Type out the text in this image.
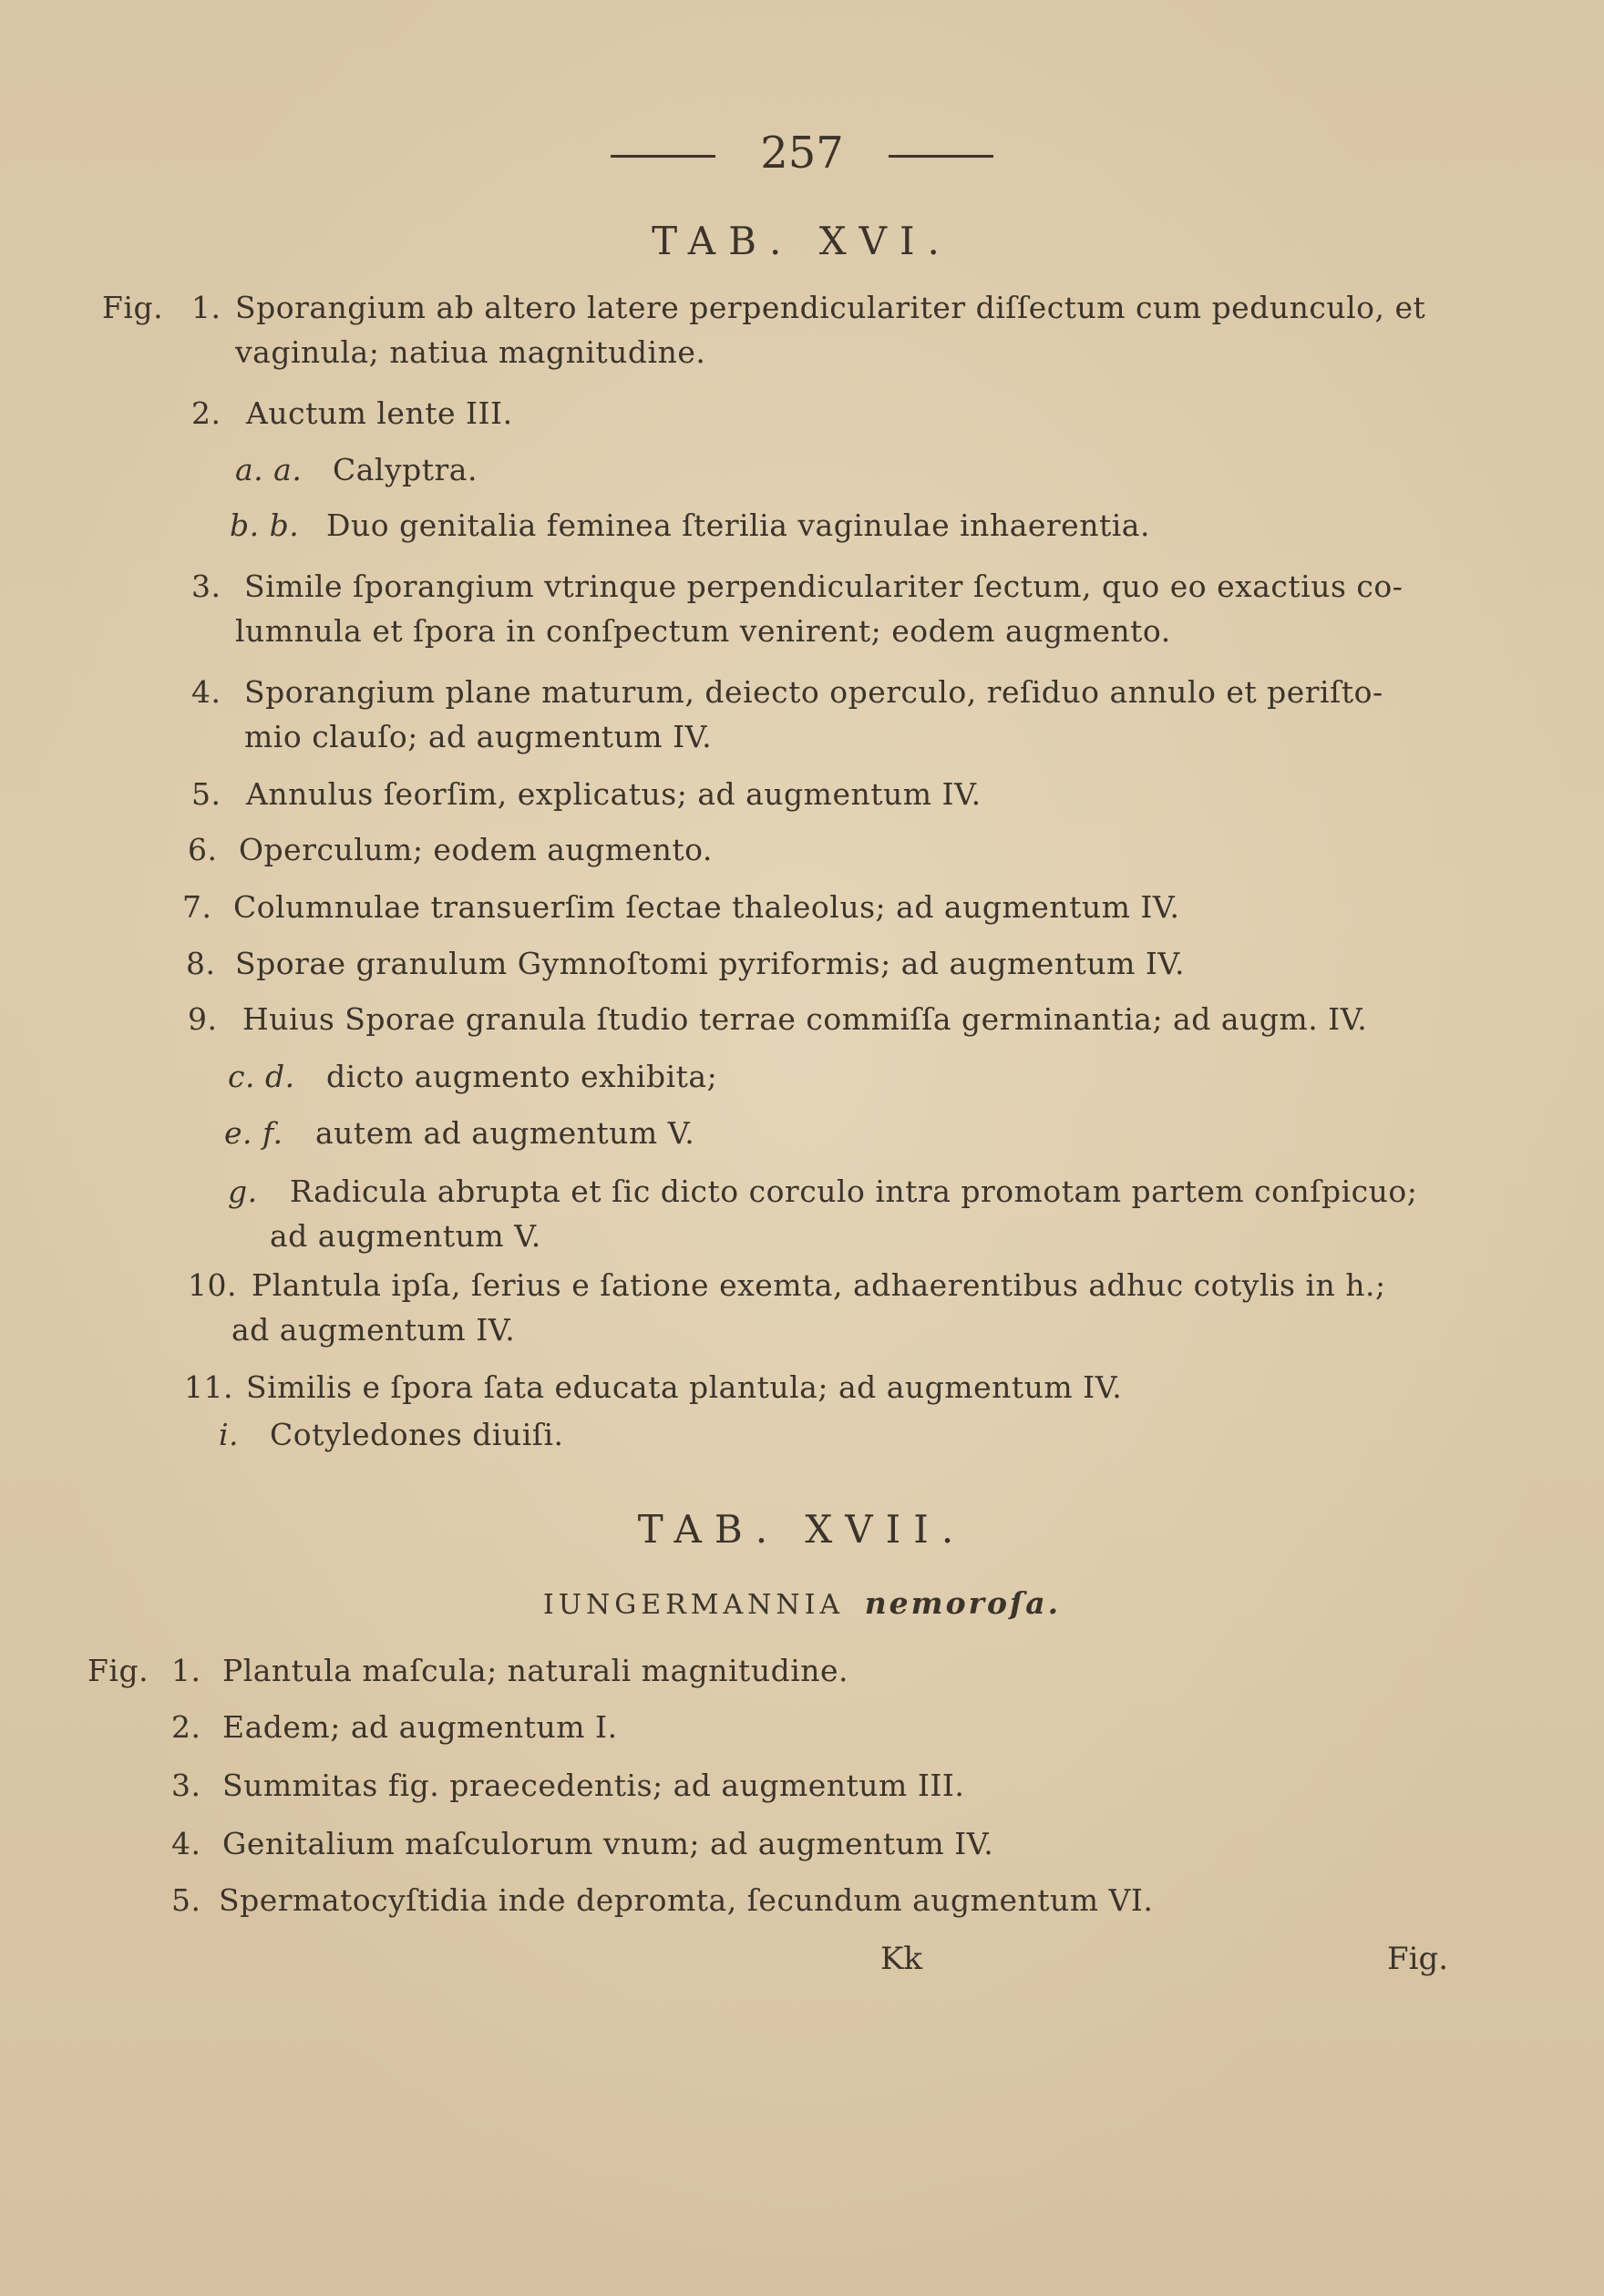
257
TAB. XVI.
Fig. 1. Sporangium ab altero latere perpendiculariter diſſectum cum pedunculo, et
vaginula; natiua magnitudine.
2. Auctum lente III.
a. a. Calyptra.
b. b. Duo genitalia feminea ſterilia vaginulae inhaerentia.
3. Simile ſporangium vtrinque perpendiculariter ſectum, quo eo exactius co-
lumnula et ſpora in conſpectum venirent; eodem augmento.
4. Sporangium plane maturum, deiecto operculo, reſiduo annulo et periſto-
mio clauſo; ad augmentum IV.
5. Annulus ſeorſim, explicatus; ad augmentum IV.
6. Operculum; eodem augmento.
7. Columnulae transuerſim ſectae thaleolus; ad augmentum IV.
8. Sporae granulum Gymnoſtomi pyriformis; ad augmentum IV.
9. Huius Sporae granula ſtudio terrae commiſſa germinantia; ad augm. IV.
c. d. dicto augmento exhibita;
e. f. autem ad augmentum V.
g. Radicula abrupta et ſic dicto corculo intra promotam partem conſpicuo;
ad augmentum V.
10. Plantula ipſa, ſerius e ſatione exemta, adhaerentibus adhuc cotylis in h.;
ad augmentum IV.
11. Similis e ſpora ſata educata plantula; ad augmentum IV.
i. Cotyledones diuiſi.
TAB. XVII.
IUNGERMANNIA nemoroſa.
Fig. 1. Plantula maſcula; naturali magnitudine.
2. Eadem; ad augmentum I.
3. Summitas fig. praecedentis; ad augmentum III.
4. Genitalium maſculorum vnum; ad augmentum IV.
5. Spermatocyſtidia inde depromta, ſecundum augmentum VI.
Kk	Fig.
